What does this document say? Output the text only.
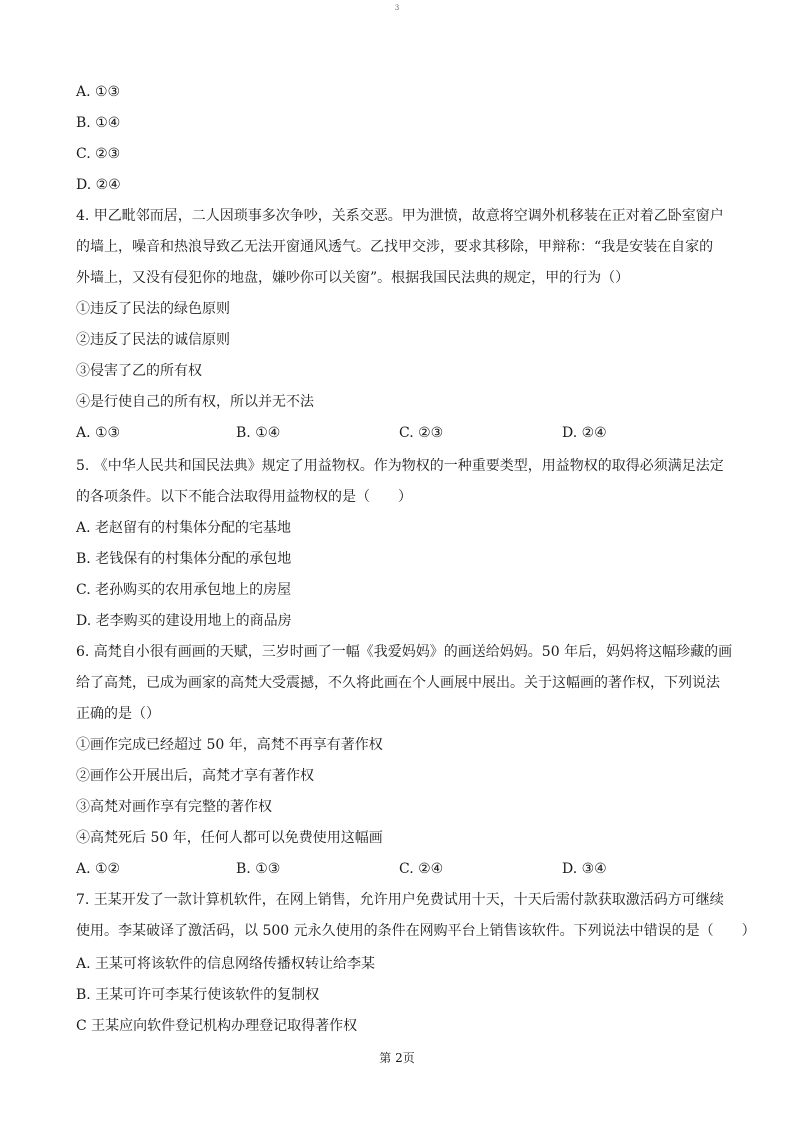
3
A. ①③
B. ①④
C. ②③
D. ②④
4. 甲乙毗邻而居，二人因琐事多次争吵，关系交恶。甲为泄愤，故意将空调外机移装在正对着乙卧室窗户
的墙上，噪音和热浪导致乙无法开窗通风透气。乙找甲交涉，要求其移除，甲辩称：“我是安装在自家的
外墙上，又没有侵犯你的地盘，嫌吵你可以关窗”。根据我国民法典的规定，甲的行为（）
①违反了民法的绿色原则
②违反了民法的诚信原则
③侵害了乙的所有权
④是行使自己的所有权，所以并无不法
A. ①③	B. ①④	C. ②③	D. ②④
5. 《中华人民共和国民法典》规定了用益物权。作为物权的一种重要类型，用益物权的取得必须满足法定
的各项条件。以下不能合法取得用益物权的是（　　）
A. 老赵留有的村集体分配的宅基地
B. 老钱保有的村集体分配的承包地
C. 老孙购买的农用承包地上的房屋
D. 老李购买的建设用地上的商品房
6. 高梵自小很有画画的天赋，三岁时画了一幅《我爱妈妈》的画送给妈妈。50 年后，妈妈将这幅珍藏的画
给了高梵，已成为画家的高梵大受震撼，不久将此画在个人画展中展出。关于这幅画的著作权，下列说法
正确的是（）
①画作完成已经超过 50 年，高梵不再享有著作权
②画作公开展出后，高梵才享有著作权
③高梵对画作享有完整的著作权
④高梵死后 50 年，任何人都可以免费使用这幅画
A. ①②	B. ①③	C. ②④	D. ③④
7. 王某开发了一款计算机软件，在网上销售，允许用户免费试用十天，十天后需付款获取激活码方可继续
使用。李某破译了激活码，以 500 元永久使用的条件在网购平台上销售该软件。下列说法中错误的是（　　）
A. 王某可将该软件的信息网络传播权转让给李某
B. 王某可许可李某行使该软件的复制权
C 王某应向软件登记机构办理登记取得著作权
第 2页
